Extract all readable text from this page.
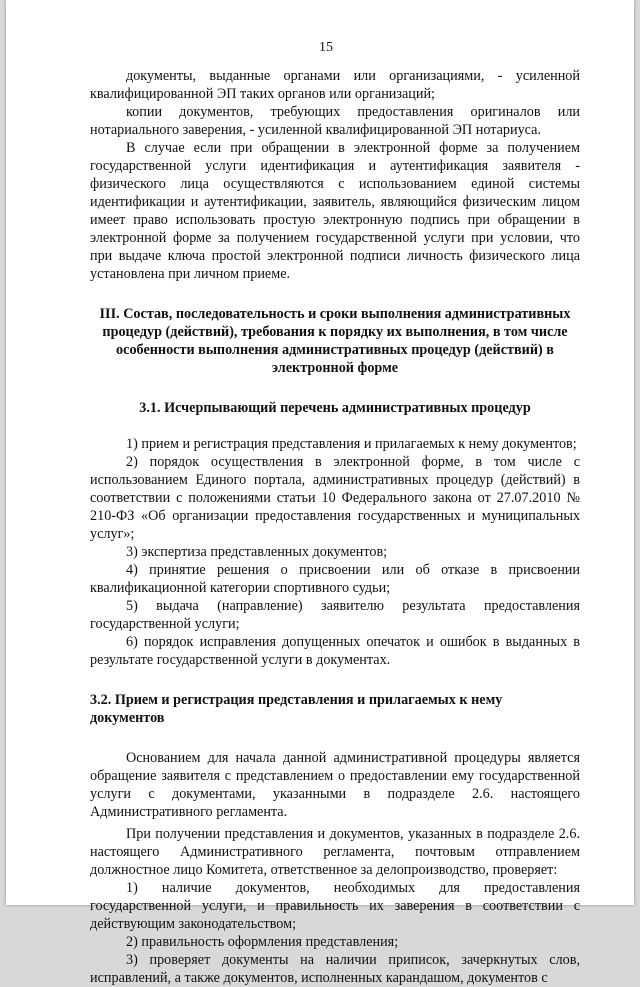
15

документы, выданные органами или организациями, - усиленной квалифицированной ЭП таких органов или организаций;

копии документов, требующих предоставления оригиналов или нотариального заверения, - усиленной квалифицированной ЭП нотариуса.

В случае если при обращении в электронной форме за получением государственной услуги идентификация и аутентификация заявителя - физического лица осуществляются с использованием единой системы идентификации и аутентификации, заявитель, являющийся физическим лицом имеет право использовать простую электронную подпись при обращении в электронной форме за получением государственной услуги при условии, что при выдаче ключа простой электронной подписи личность физического лица установлена при личном приеме.

III. Состав, последовательность и сроки выполнения административных процедур (действий), требования к порядку их выполнения, в том числе особенности выполнения административных процедур (действий) в электронной форме
3.1. Исчерпывающий перечень административных процедур

1) прием и регистрация представления и прилагаемых к нему документов;

2) порядок осуществления в электронной форме, в том числе с использованием Единого портала, административных процедур (действий) в соответствии с положениями статьи 10 Федерального закона от 27.07.2010 № 210-ФЗ «Об организации предоставления государственных и муниципальных услуг»;

3) экспертиза представленных документов;

4) принятие решения о присвоении или об отказе в присвоении квалификационной категории спортивного судьи;

5) выдача (направление) заявителю результата предоставления государственной услуги;

6) порядок исправления допущенных опечаток и ошибок в выданных в результате государственной услуги в документах.

3.2. Прием и регистрация представления и прилагаемых к нему документов

Основанием для начала данной административной процедуры является обращение заявителя с представлением о предоставлении ему государственной услуги с документами, указанными в подразделе 2.6. настоящего Административного регламента.

При получении представления и документов, указанных в подразделе 2.6. настоящего Административного регламента, почтовым отправлением должностное лицо Комитета, ответственное за делопроизводство, проверяет:

1) наличие документов, необходимых для предоставления государственной услуги, и правильность их заверения в соответствии с действующим законодательством;

2) правильность оформления представления;

3) проверяет документы на наличии приписок, зачеркнутых слов, исправлений, а также документов, исполненных карандашом, документов с
